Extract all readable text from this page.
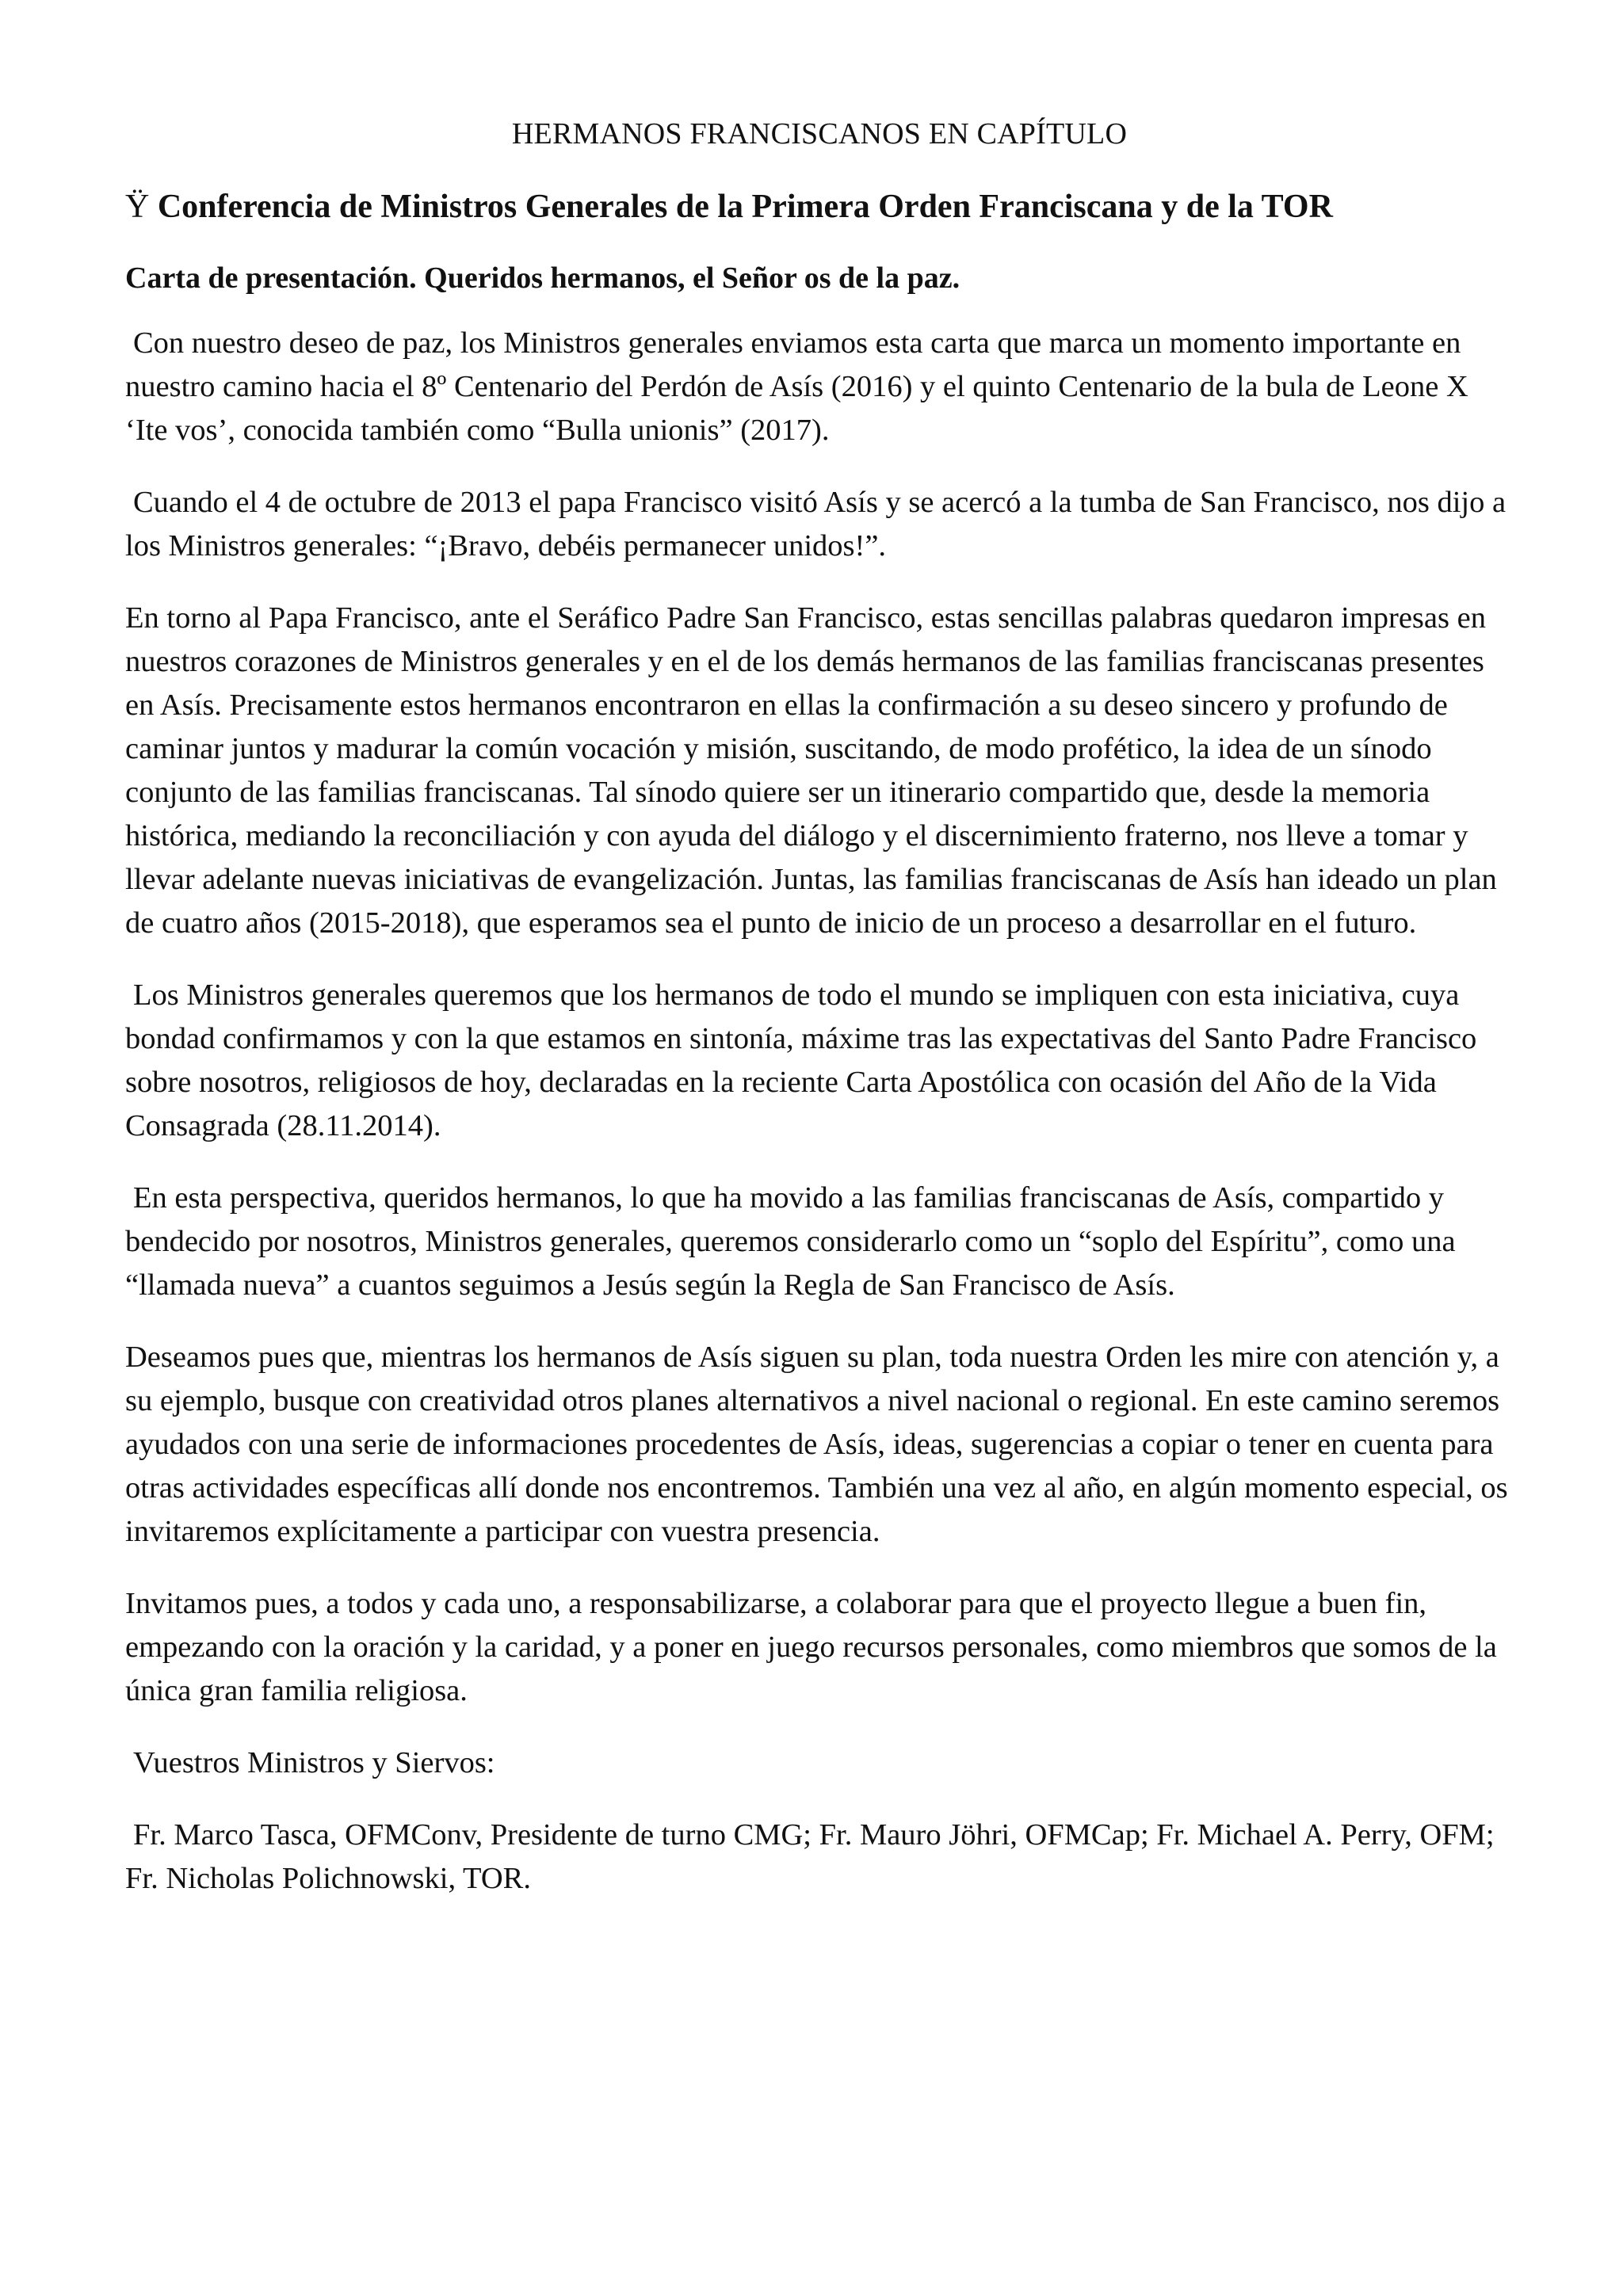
HERMANOS FRANCISCANOS EN CAPÍTULO
Ÿ Conferencia de Ministros Generales de la Primera Orden Franciscana y de la TOR
Carta de presentación. Queridos hermanos, el Señor os de la paz.

Con nuestro deseo de paz, los Ministros generales enviamos esta carta que marca un momento importante en nuestro camino hacia el 8º Centenario del Perdón de Asís (2016) y el quinto Centenario de la bula de Leone X ‘Ite vos’, conocida también como “Bulla unionis” (2017).

Cuando el 4 de octubre de 2013 el papa Francisco visitó Asís y se acercó a la tumba de San Francisco, nos dijo a los Ministros generales: “¡Bravo, debéis permanecer unidos!”.

En torno al Papa Francisco, ante el Seráfico Padre San Francisco, estas sencillas palabras quedaron impresas en nuestros corazones de Ministros generales y en el de los demás hermanos de las familias franciscanas presentes en Asís. Precisamente estos hermanos encontraron en ellas la confirmación a su deseo sincero y profundo de caminar juntos y madurar la común vocación y misión, suscitando, de modo profético, la idea de un sínodo conjunto de las familias franciscanas. Tal sínodo quiere ser un itinerario compartido que, desde la memoria histórica, mediando la reconciliación y con ayuda del diálogo y el discernimiento fraterno, nos lleve a tomar y llevar adelante nuevas iniciativas de evangelización. Juntas, las familias franciscanas de Asís han ideado un plan de cuatro años (2015-2018), que esperamos sea el punto de inicio de un proceso a desarrollar en el futuro.

Los Ministros generales queremos que los hermanos de todo el mundo se impliquen con esta iniciativa, cuya bondad confirmamos y con la que estamos en sintonía, máxime tras las expectativas del Santo Padre Francisco sobre nosotros, religiosos de hoy, declaradas en la reciente Carta Apostólica con ocasión del Año de la Vida Consagrada (28.11.2014).

En esta perspectiva, queridos hermanos, lo que ha movido a las familias franciscanas de Asís, compartido y bendecido por nosotros, Ministros generales, queremos considerarlo como un “soplo del Espíritu”, como una “llamada nueva” a cuantos seguimos a Jesús según la Regla de San Francisco de Asís.

Deseamos pues que, mientras los hermanos de Asís siguen su plan, toda nuestra Orden les mire con atención y, a su ejemplo, busque con creatividad otros planes alternativos a nivel nacional o regional. En este camino seremos ayudados con una serie de informaciones procedentes de Asís, ideas, sugerencias a copiar o tener en cuenta para otras actividades específicas allí donde nos encontremos. También una vez al año, en algún momento especial, os invitaremos explícitamente a participar con vuestra presencia.

Invitamos pues, a todos y cada uno, a responsabilizarse, a colaborar para que el proyecto llegue a buen fin, empezando con la oración y la caridad, y a poner en juego recursos personales, como miembros que somos de la única gran familia religiosa.

Vuestros Ministros y Siervos:

Fr. Marco Tasca, OFMConv, Presidente de turno CMG; Fr. Mauro Jöhri, OFMCap; Fr. Michael A. Perry, OFM; Fr. Nicholas Polichnowski, TOR.
